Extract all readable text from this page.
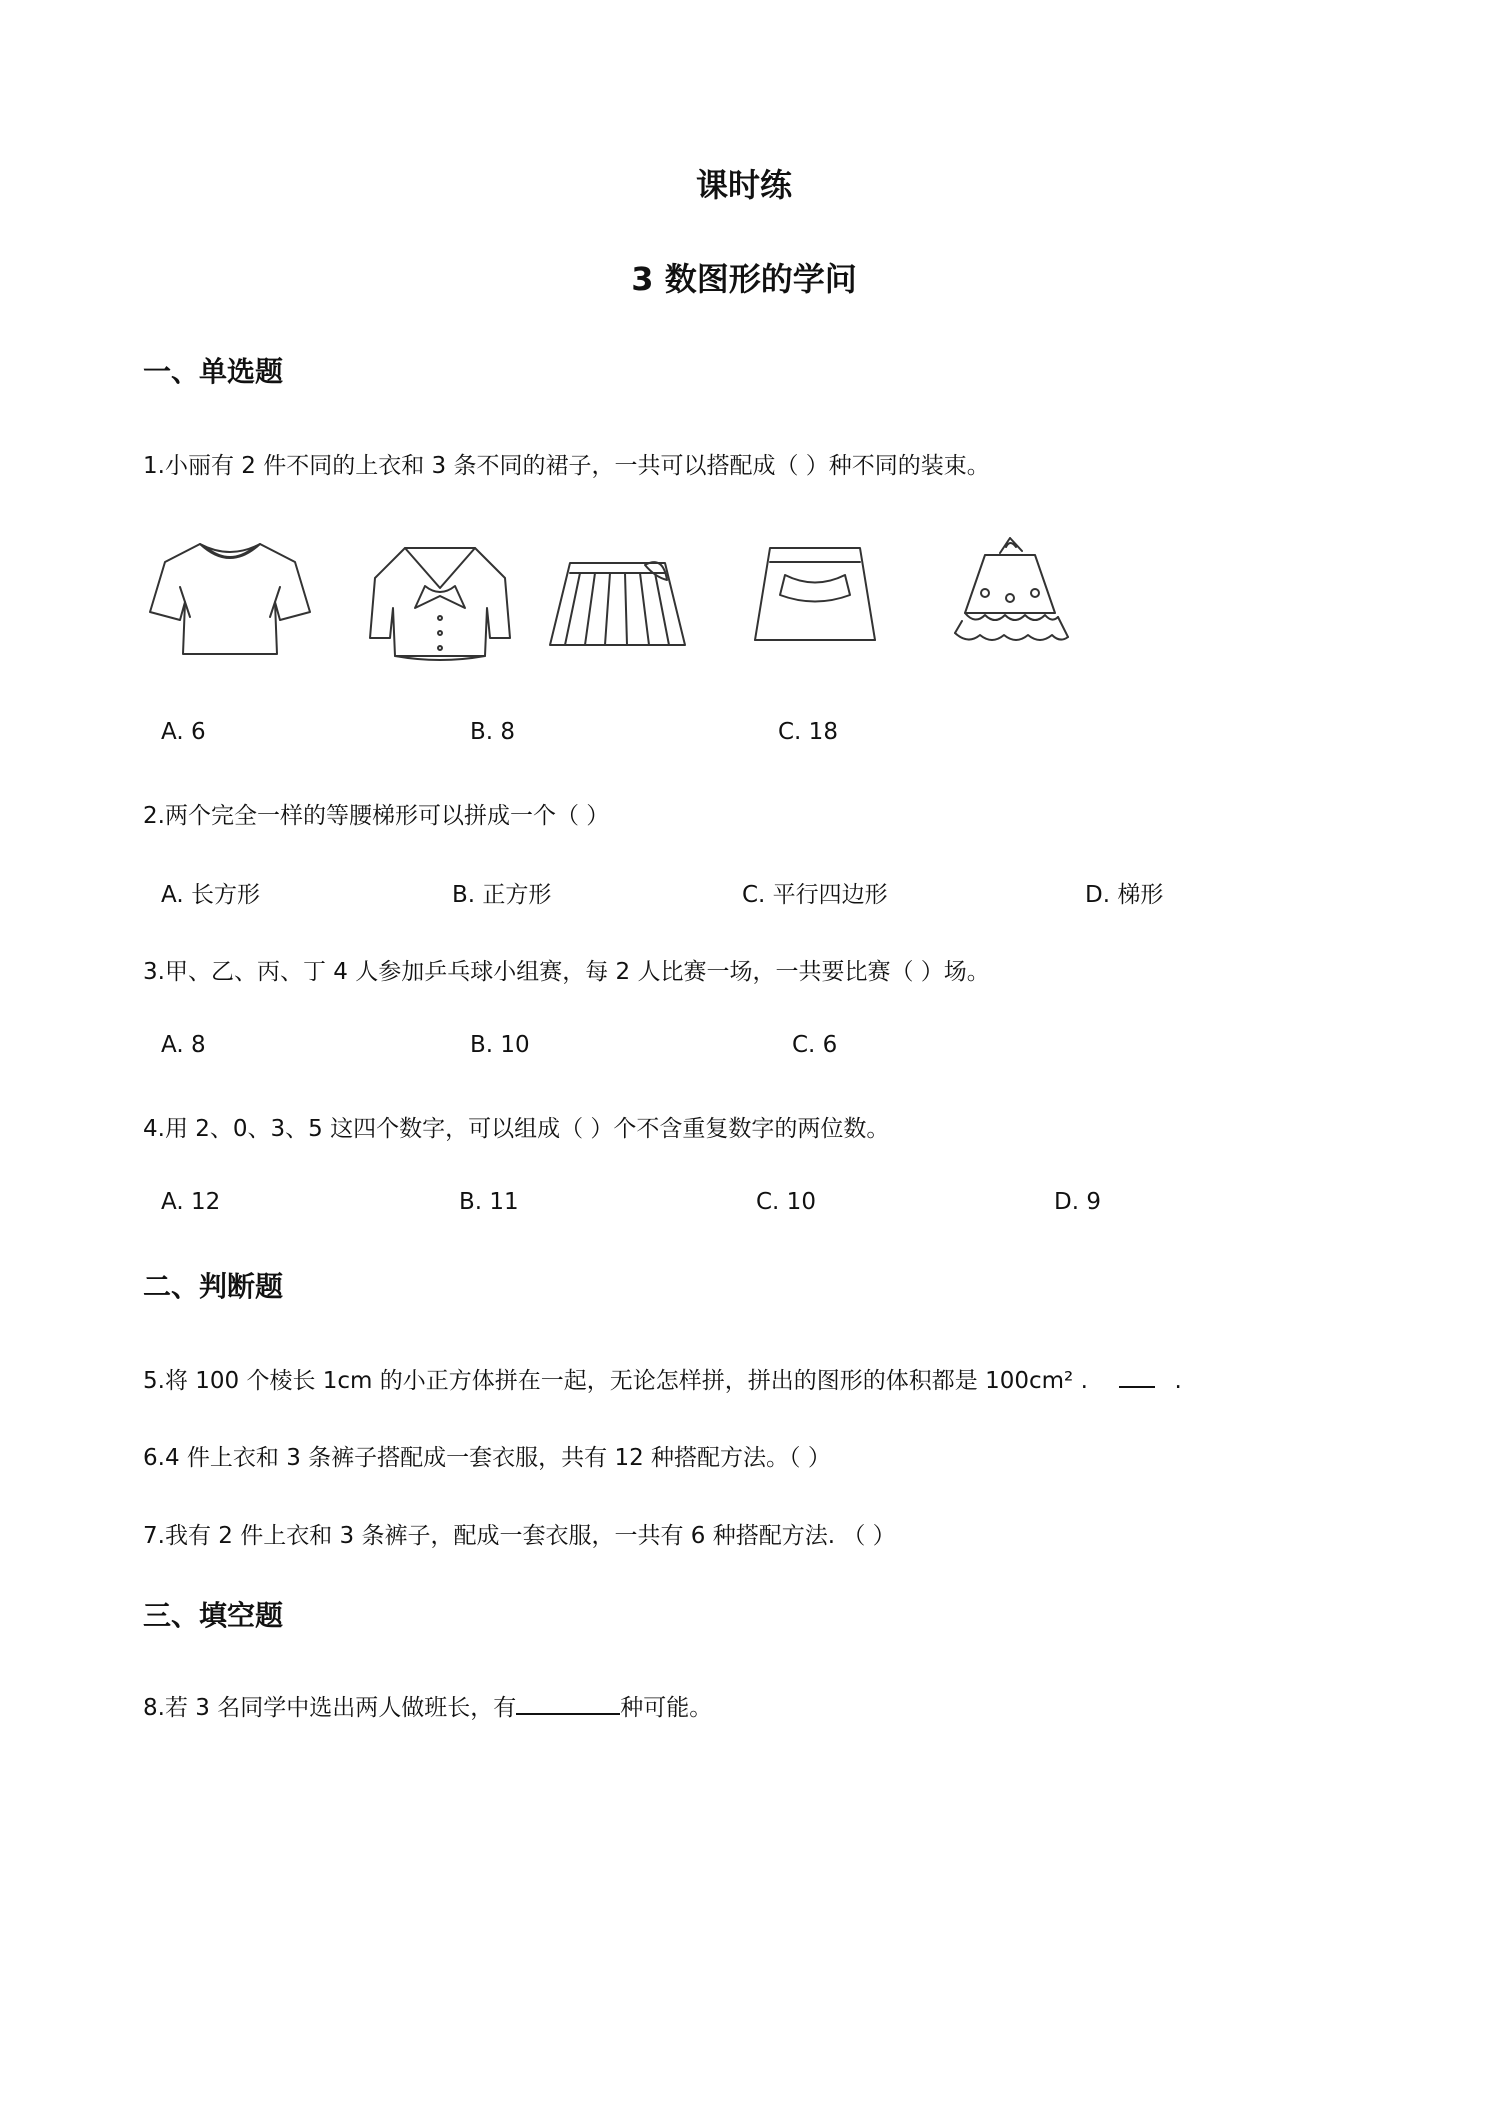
课时练
3 数图形的学问
一、单选题
1.小丽有 2 件不同的上衣和 3 条不同的裙子，一共可以搭配成（ ）种不同的装束。
A. 6	B. 8	C. 18
2.两个完全一样的等腰梯形可以拼成一个（ ）
A. 长方形	B. 正方形	C. 平行四边形	D. 梯形
3.甲、乙、丙、丁 4 人参加乒乓球小组赛，每 2 人比赛一场，一共要比赛（ ）场。
A. 8	B. 10	C. 6
4.用 2、0、3、5 这四个数字，可以组成（ ）个不含重复数字的两位数。
A. 12	B. 11	C. 10	D. 9
二、判断题
5.将 100 个棱长 1cm 的小正方体拼在一起，无论怎样拼，拼出的图形的体积都是 100cm² .	.
6.4 件上衣和 3 条裤子搭配成一套衣服，共有 12 种搭配方法。（ ）
7.我有 2 件上衣和 3 条裤子，配成一套衣服，一共有 6 种搭配方法. （ ）
三、填空题
8.若 3 名同学中选出两人做班长，有	种可能。
